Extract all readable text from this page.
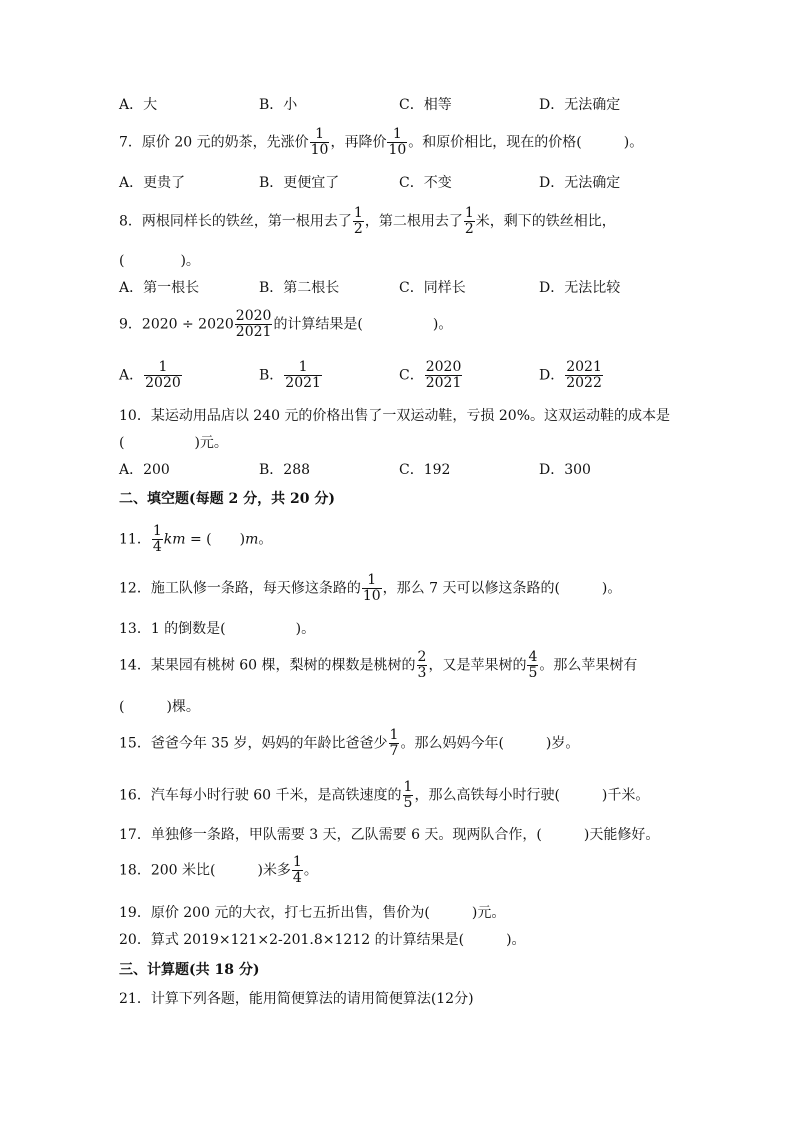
A．大	B．小	C．相等	D．无法确定
7．原价 20 元的奶茶，先涨价 $\frac{1}{10}$ ，再降价 $\frac{1}{10}$ 。和原价相比，现在的价格(　　　)。
A．更贵了	B．更便宜了	C．不变	D．无法确定
8．两根同样长的铁丝，第一根用去了 $\frac{1}{2}$ ，第二根用去了 $\frac{1}{2}$ 米，剩下的铁丝相比，
(　　　　)。
A．第一根长	B．第二根长	C．同样长	D．无法比较
9．$2020 \div 2020 \frac{2020}{2021}$ 的计算结果是(　　　　　)。
A． $\frac{1}{2020}$	B． $\frac{1}{2021}$	C． $\frac{2020}{2021}$	D． $\frac{2021}{2022}$
10．某运动用品店以 240 元的价格出售了一双运动鞋，亏损 20%。这双运动鞋的成本是
(　　　　　)元。
A．200	B．288	C．192	D．300
二、填空题(每题 2 分，共 20 分)
11． $\frac{1}{4}$ km = (　　)m。
12．施工队修一条路，每天修这条路的 $\frac{1}{10}$ ，那么 7 天可以修这条路的(　　　)。
13．1 的倒数是(　　　　　)。
14．某果园有桃树 60 棵，梨树的棵数是桃树的 $\frac{2}{3}$ ，又是苹果树的 $\frac{4}{5}$ 。那么苹果树有
(　　　)棵。
15．爸爸今年 35 岁，妈妈的年龄比爸爸少 $\frac{1}{7}$ 。那么妈妈今年(　　　)岁。
16．汽车每小时行驶 60 千米，是高铁速度的 $\frac{1}{5}$ ，那么高铁每小时行驶(　　　)千米。
17．单独修一条路，甲队需要 3 天，乙队需要 6 天。现两队合作，(　　　)天能修好。
18．200 米比(　　　)米多 $\frac{1}{4}$ 。
19．原价 200 元的大衣，打七五折出售，售价为(　　　)元。
20．算式 2019×121×2-201.8×1212 的计算结果是(　　　)。
三、计算题(共 18 分)
21．计算下列各题，能用简便算法的请用简便算法(12分)
